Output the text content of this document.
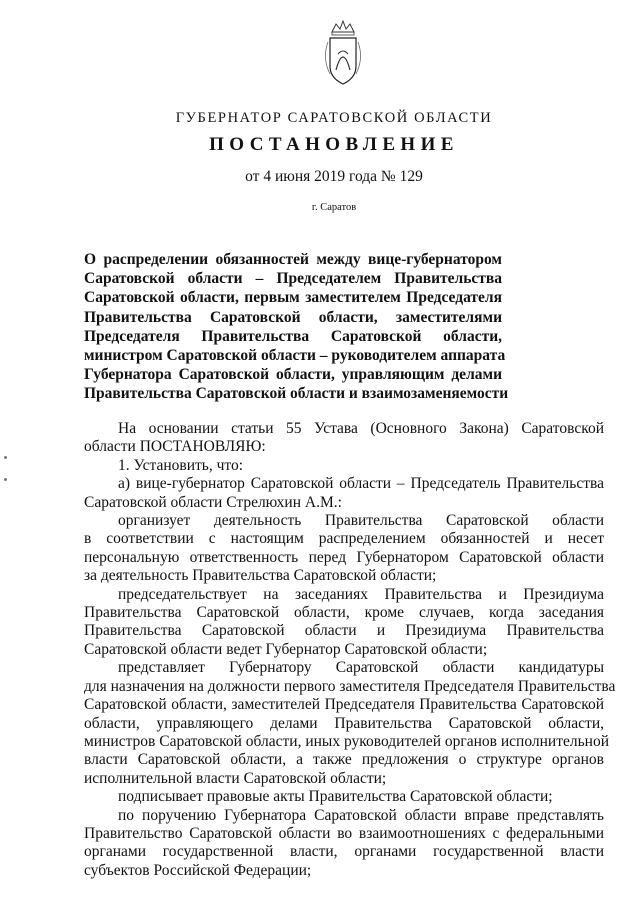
ГУБЕРНАТОР САРАТОВСКОЙ ОБЛАСТИ
ПОСТАНОВЛЕНИЕ
от 4 июня 2019 года № 129
г. Саратов
О распределении обязанностей между вице-губернатором
Саратовской области – Председателем Правительства
Саратовской области, первым заместителем Председателя
Правительства Саратовской области, заместителями
Председателя Правительства Саратовской области,
министром Саратовской области – руководителем аппарата
Губернатора Саратовской области, управляющим делами
Правительства Саратовской области и взаимозаменяемости

На основании статьи 55 Устава (Основного Закона) Саратовской
области ПОСТАНОВЛЯЮ:

1. Установить, что:

а) вице-губернатор Саратовской области – Председатель Правительства
Саратовской области Стрелюхин А.М.:

организует деятельность Правительства Саратовской области
в соответствии с настоящим распределением обязанностей и несет
персональную ответственность перед Губернатором Саратовской области
за деятельность Правительства Саратовской области;

председательствует на заседаниях Правительства и Президиума
Правительства Саратовской области, кроме случаев, когда заседания
Правительства Саратовской области и Президиума Правительства
Саратовской области ведет Губернатор Саратовской области;

представляет Губернатору Саратовской области кандидатуры
для назначения на должности первого заместителя Председателя Правительства
Саратовской области, заместителей Председателя Правительства Саратовской
области, управляющего делами Правительства Саратовской области,
министров Саратовской области, иных руководителей органов исполнительной
власти Саратовской области, а также предложения о структуре органов
исполнительной власти Саратовской области;

подписывает правовые акты Правительства Саратовской области;

по поручению Губернатора Саратовской области вправе представлять
Правительство Саратовской области во взаимоотношениях с федеральными
органами государственной власти, органами государственной власти
субъектов Российской Федерации;
